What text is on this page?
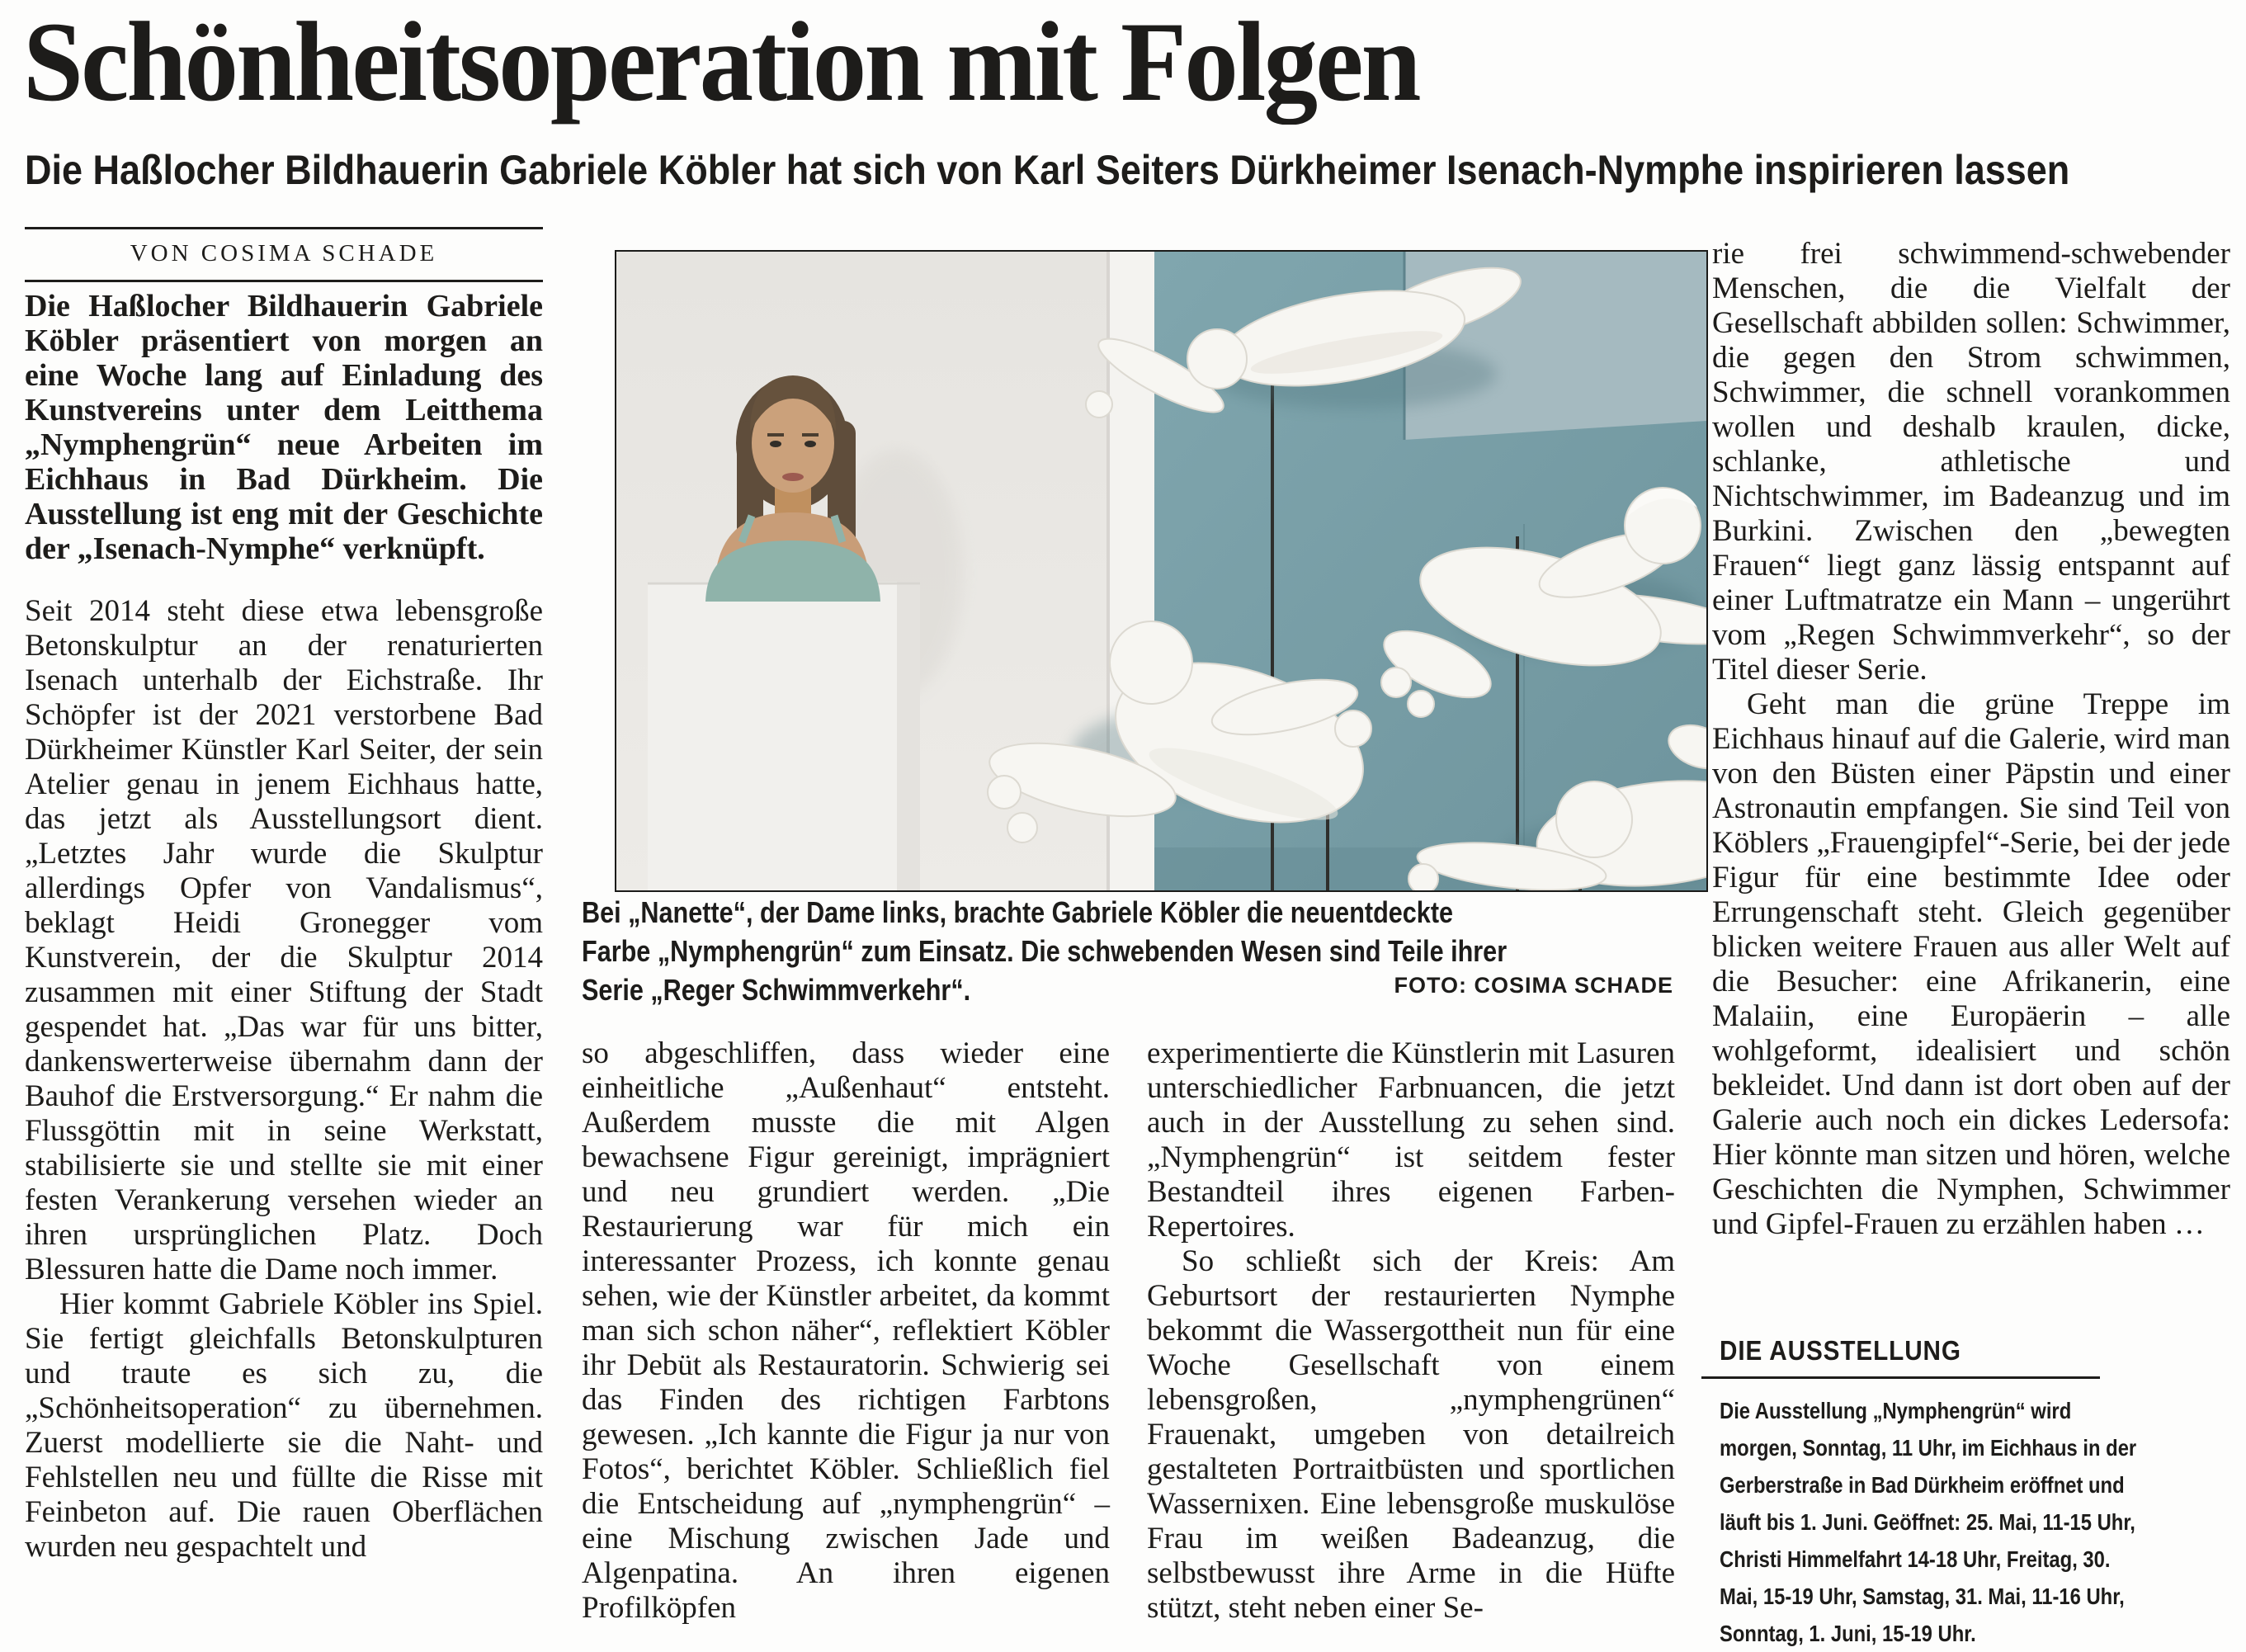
Schönheitsoperation mit Folgen
Die Haßlocher Bildhauerin Gabriele Köbler hat sich von Karl Seiters Dürkheimer Isenach-Nymphe inspirieren lassen
VON COSIMA SCHADE

Die Haßlocher Bildhauerin Gabriele Köbler präsentiert von morgen an eine Woche lang auf Einladung des Kunstvereins unter dem Leitthema „Nymphengrün“ neue Arbeiten im Eichhaus in Bad Dürkheim. Die Ausstellung ist eng mit der Geschichte der „Isenach-Nymphe“ verknüpft.

Seit 2014 steht diese etwa lebensgroße Betonskulptur an der renaturierten Isenach unterhalb der Eichstraße. Ihr Schöpfer ist der 2021 verstorbene Bad Dürkheimer Künstler Karl Seiter, der sein Atelier genau in jenem Eichhaus hatte, das jetzt als Ausstellungsort dient. „Letztes Jahr wurde die Skulptur allerdings Opfer von Vandalismus“, beklagt Heidi Gronegger vom Kunstverein, der die Skulptur 2014 zusammen mit einer Stiftung der Stadt gespendet hat. „Das war für uns bitter, dankenswerterweise übernahm dann der Bauhof die Erstversorgung.“ Er nahm die Flussgöttin mit in seine Werkstatt, stabilisierte sie und stellte sie mit einer festen Verankerung versehen wieder an ihren ursprünglichen Platz. Doch Blessuren hatte die Dame noch immer.

Hier kommt Gabriele Köbler ins Spiel. Sie fertigt gleichfalls Betonskulpturen und traute es sich zu, die „Schönheitsoperation“ zu übernehmen. Zuerst modellierte sie die Naht- und Fehlstellen neu und füllte die Risse mit Feinbeton auf. Die rauen Oberflächen wurden neu gespachtelt und

Bei „Nanette“, der Dame links, brachte Gabriele Köbler die neuentdeckte Farbe „Nymphengrün“ zum Einsatz. Die schwebenden Wesen sind Teile ihrer Serie „Reger Schwimmverkehr“.	FOTO: COSIMA SCHADE

so abgeschliffen, dass wieder eine einheitliche „Außenhaut“ entsteht. Außerdem musste die mit Algen bewachsene Figur gereinigt, imprägniert und neu grundiert werden. „Die Restaurierung war für mich ein interessanter Prozess, ich konnte genau sehen, wie der Künstler arbeitet, da kommt man sich schon näher“, reflektiert Köbler ihr Debüt als Restauratorin. Schwierig sei das Finden des richtigen Farbtons gewesen. „Ich kannte die Figur ja nur von Fotos“, berichtet Köbler. Schließlich fiel die Entscheidung auf „nymphengrün“ – eine Mischung zwischen Jade und Algenpatina. An ihren eigenen Profilköpfen

experimentierte die Künstlerin mit Lasuren unterschiedlicher Farbnuancen, die jetzt auch in der Ausstellung zu sehen sind. „Nymphengrün“ ist seitdem fester Bestandteil ihres eigenen Farben-Repertoires.

So schließt sich der Kreis: Am Geburtsort der restaurierten Nymphe bekommt die Wassergottheit nun für eine Woche Gesellschaft von einem lebensgroßen, „nymphengrünen“ Frauenakt, umgeben von detailreich gestalteten Portraitbüsten und sportlichen Wassernixen. Eine lebensgroße muskulöse Frau im weißen Badeanzug, die selbstbewusst ihre Arme in die Hüfte stützt, steht neben einer Se-

rie frei schwimmend-schwebender Menschen, die die Vielfalt der Gesellschaft abbilden sollen: Schwimmer, die gegen den Strom schwimmen, Schwimmer, die schnell vorankommen wollen und deshalb kraulen, dicke, schlanke, athletische und Nichtschwimmer, im Badeanzug und im Burkini. Zwischen den „bewegten Frauen“ liegt ganz lässig entspannt auf einer Luftmatratze ein Mann – ungerührt vom „Regen Schwimmverkehr“, so der Titel dieser Serie.

Geht man die grüne Treppe im Eichhaus hinauf auf die Galerie, wird man von den Büsten einer Päpstin und einer Astronautin empfangen. Sie sind Teil von Köblers „Frauengipfel“-Serie, bei der jede Figur für eine bestimmte Idee oder Errungenschaft steht. Gleich gegenüber blicken weitere Frauen aus aller Welt auf die Besucher: eine Afrikanerin, eine Malaiin, eine Europäerin – alle wohlgeformt, idealisiert und schön bekleidet. Und dann ist dort oben auf der Galerie auch noch ein dickes Ledersofa: Hier könnte man sitzen und hören, welche Geschichten die Nymphen, Schwimmer und Gipfel-Frauen zu erzählen haben …

DIE AUSSTELLUNG

Die Ausstellung „Nymphengrün“ wird morgen, Sonntag, 11 Uhr, im Eichhaus in der Gerberstraße in Bad Dürkheim eröffnet und läuft bis 1. Juni. Geöffnet: 25. Mai, 11-15 Uhr, Christi Himmelfahrt 14-18 Uhr, Freitag, 30. Mai, 15-19 Uhr, Samstag, 31. Mai, 11-16 Uhr, Sonntag, 1. Juni, 15-19 Uhr.
